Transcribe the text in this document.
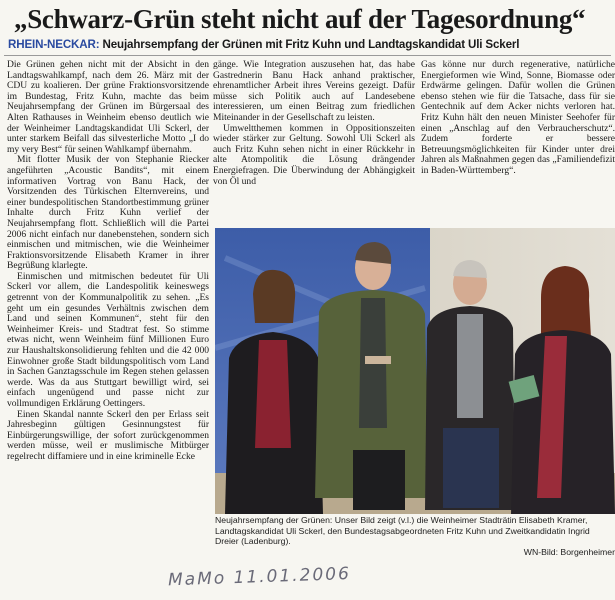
„Schwarz-Grün steht nicht auf der Tagesordnung“
RHEIN-NECKAR: Neujahrsempfang der Grünen mit Fritz Kuhn und Landtagskandidat Uli Sckerl

Die Grünen gehen nicht mit der Absicht in den Landtagswahlkampf, nach dem 26. März mit der CDU zu koalieren. Der grüne Fraktionsvorsitzende im Bundestag, Fritz Kuhn, machte das beim Neujahrsempfang der Grünen im Bürgersaal des Alten Rathauses in Weinheim ebenso deutlich wie der Weinheimer Landtagskandidat Uli Sckerl, der unter starkem Beifall das silvesterliche Motto „I do my very Best“ für seinen Wahlkampf übernahm.

Mit flotter Musik der von Stephanie Riecker angeführten „Acoustic Bandits“, mit einem informativen Vortrag von Banu Hack, der Vorsitzenden des Türkischen Elternvereins, und einer bundespolitischen Standortbestimmung grüner Inhalte durch Fritz Kuhn verlief der Neujahrsempfang flott. Schließlich will die Partei 2006 nicht einfach nur danebenstehen, sondern sich einmischen und mitmischen, wie die Weinheimer Fraktionsvorsitzende Elisabeth Kramer in ihrer Begrüßung klarlegte.

Einmischen und mitmischen bedeutet für Uli Sckerl vor allem, die Landespolitik keineswegs getrennt von der Kommunalpolitik zu sehen. „Es geht um ein gesundes Verhältnis zwischen dem Land und seinen Kommunen“, steht für den Weinheimer Kreis- und Stadtrat fest. So stimme etwas nicht, wenn Weinheim fünf Millionen Euro zur Haushaltskonsolidierung fehlten und die 42 000 Einwohner große Stadt bildungspolitisch vom Land in Sachen Ganztagsschule im Regen stehen gelassen werde. Was da aus Stuttgart bewilligt wird, sei einfach ungenügend und passe nicht zur vollmundigen Erklärung Oettingers.

Einen Skandal nannte Sckerl den per Erlass seit Jahresbeginn gültigen Gesinnungstest für Einbürgerungswillige, der sofort zurückgenommen werden müsse, weil er muslimische Mitbürger regelrecht diffamiere und in eine kriminelle Ecke

gänge. Wie Integration auszusehen hat, das habe Gastrednerin Banu Hack anhand praktischer, ehrenamtlicher Arbeit ihres Vereins gezeigt. Dafür müsse sich Politik auch auf Landesebene interessieren, um einen Beitrag zum friedlichen Miteinander in der Gesellschaft zu leisten.

Umweltthemen kommen in Oppositionszeiten wieder stärker zur Geltung. Sowohl Uli Sckerl als auch Fritz Kuhn sehen nicht in einer Rückkehr in alte Atompolitik die Lösung drängender Energiefragen. Die Überwindung der Abhängigkeit von Öl und

Gas könne nur durch regenerative, natürliche Energieformen wie Wind, Sonne, Biomasse oder Erdwärme gelingen. Dafür wollen die Grünen ebenso stehen wie für die Tatsache, dass für sie Gentechnik auf dem Acker nichts verloren hat. Fritz Kuhn hält den neuen Minister Seehofer für einen „Anschlag auf den Verbraucherschutz“. Zudem forderte er bessere Betreuungsmöglichkeiten für Kinder unter drei Jahren als Maßnahmen gegen das „Familiendefizit in Baden-Württemberg“.

Neujahrsempfang der Grünen: Unser Bild zeigt (v.l.) die Weinheimer Stadträtin Elisabeth Kramer, Landtagskandidat Uli Sckerl, den Bundestagsabgeordneten Fritz Kuhn und Zweitkandidatin Ingrid Dreier (Ladenburg).
WN-Bild: Borgenheimer
MaMo 11.01.2006
